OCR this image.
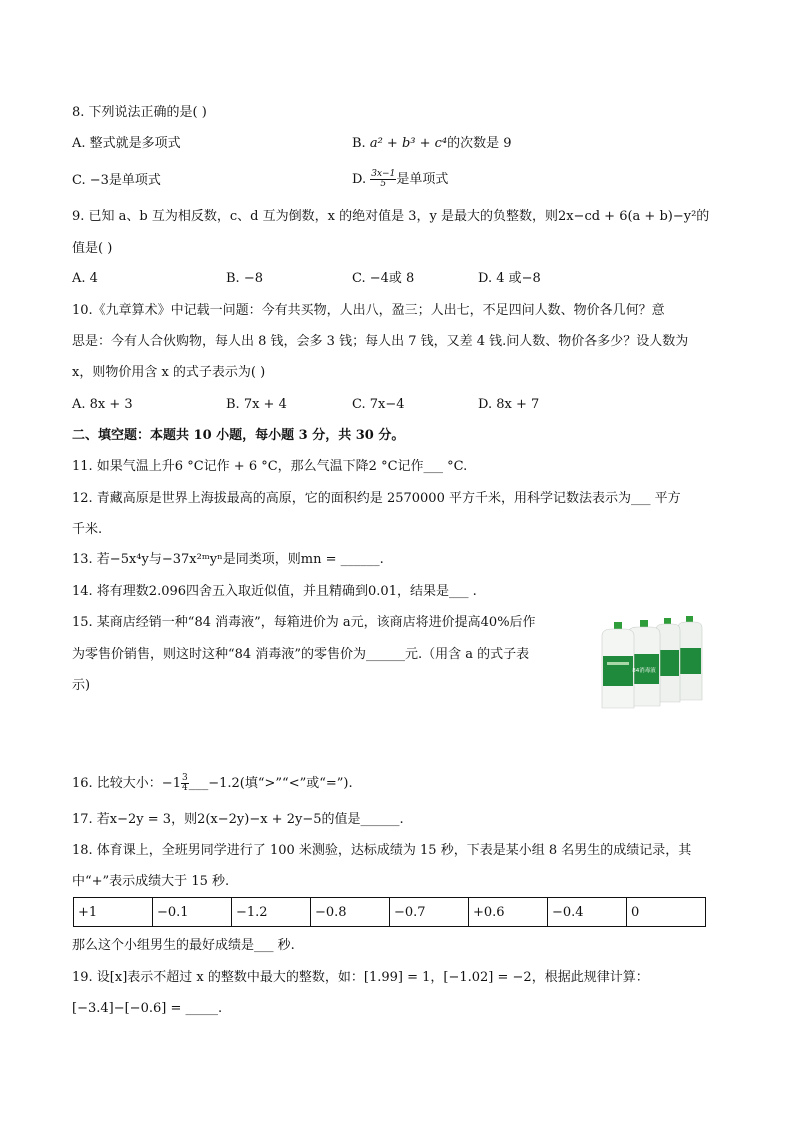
8. 下列说法正确的是( )
A. 整式就是多项式	B. a² + b³ + c⁴的次数是 9
C. −3是单项式	D. $\frac{3x-1}{5}$ 是单项式
9. 已知 a、b 互为相反数，c、d 互为倒数，x 的绝对值是 3，y 是最大的负整数，则2x−cd + 6(a + b)−y²的
值是( )
A. 4	B. −8	C. −4或 8	D. 4 或−8
10.《九章算术》中记载一问题：今有共买物，人出八，盈三；人出七，不足四问人数、物价各几何？意
思是：今有人合伙购物，每人出 8 钱，会多 3 钱；每人出 7 钱，又差 4 钱.问人数、物价各多少？设人数为
x，则物价用含 x 的式子表示为( )
A. 8x + 3	B. 7x + 4	C. 7x−4	D. 8x + 7
二、填空题：本题共 10 小题，每小题 3 分，共 30 分。
11. 如果气温上升6 °C记作 + 6 °C，那么气温下降2 °C记作___ °C.
12. 青藏高原是世界上海拔最高的高原，它的面积约是 2570000 平方千米，用科学记数法表示为___ 平方
千米.
13. 若−5x⁴y与−37x²ᵐyⁿ是同类项，则mn = ______.
14. 将有理数2.096四舍五入取近似值，并且精确到0.01，结果是___ .
15. 某商店经销一种“84 消毒液”，每箱进价为 a元，该商店将进价提高40%后作
为零售价销售，则这时这种“84 消毒液”的零售价为______元.（用含 a 的式子表
示)
84消毒液
16. 比较大小：$-1 \frac{3}{4}$ ___−1.2(填“>”“<”或“=”).
17. 若x−2y = 3，则2(x−2y)−x + 2y−5的值是______.
18. 体育课上，全班男同学进行了 100 米测验，达标成绩为 15 秒，下表是某小组 8 名男生的成绩记录，其
中“+”表示成绩大于 15 秒.
+1	−0.1	−1.2	−0.8	−0.7	+0.6	−0.4	0
那么这个小组男生的最好成绩是___ 秒.
19. 设[x]表示不超过 x 的整数中最大的整数，如：[1.99] = 1，[−1.02] = −2，根据此规律计算：
[−3.4]−[−0.6] = _____.
